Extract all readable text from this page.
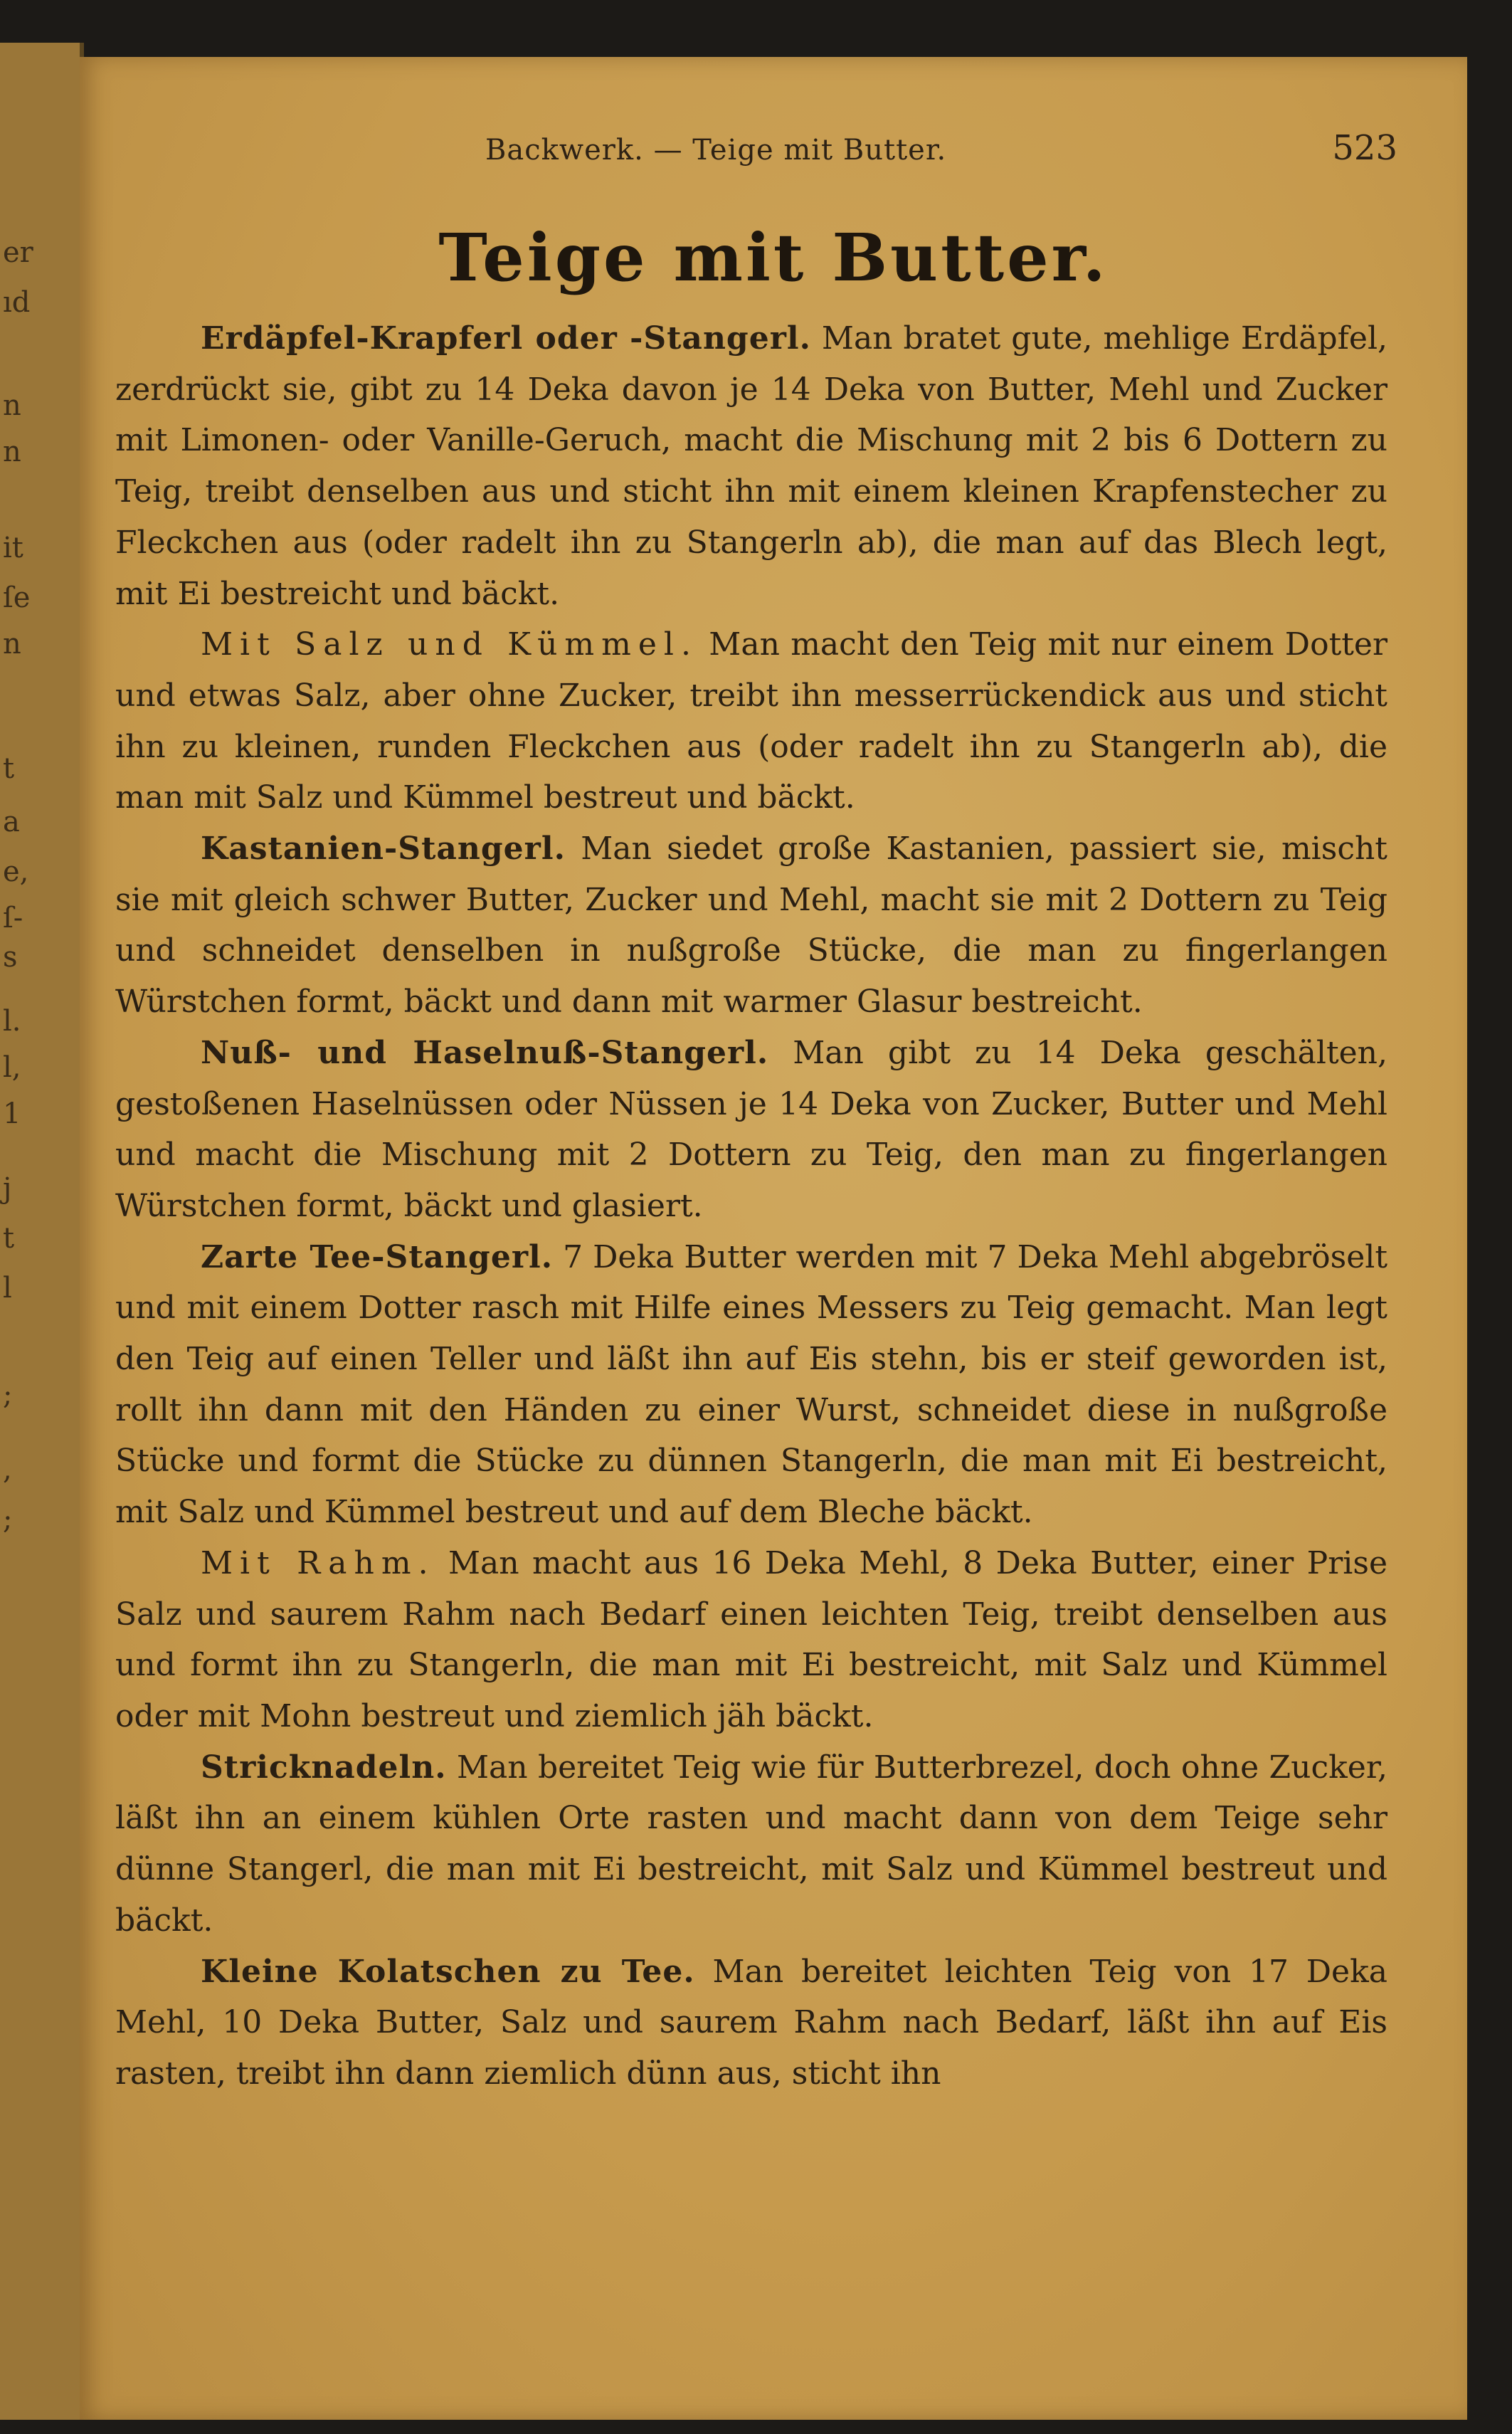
er
ıd
n
n
it
ſe
n
t
a
e,
ſ-
s
l.
l,
1
j
t
l
;
,
;
Backwerk. — Teige mit Butter.	523
Teige mit Butter.

Erdäpfel-Krapferl oder -Stangerl. Man bratet gute, mehlige Erdäpfel, zerdrückt sie, gibt zu 14 Deka davon je 14 Deka von Butter, Mehl und Zucker mit Limonen- oder Vanille-Geruch, macht die Mischung mit 2 bis 6 Dottern zu Teig, treibt denselben aus und sticht ihn mit einem kleinen Krapfenstecher zu Fleckchen aus (oder radelt ihn zu Stangerln ab), die man auf das Blech legt, mit Ei bestreicht und bäckt.

Mit Salz und Kümmel. Man macht den Teig mit nur einem Dotter und etwas Salz, aber ohne Zucker, treibt ihn messerrückendick aus und sticht ihn zu kleinen, runden Fleckchen aus (oder radelt ihn zu Stangerln ab), die man mit Salz und Kümmel bestreut und bäckt.

Kastanien-Stangerl. Man siedet große Kastanien, passiert sie, mischt sie mit gleich schwer Butter, Zucker und Mehl, macht sie mit 2 Dottern zu Teig und schneidet denselben in nußgroße Stücke, die man zu fingerlangen Würstchen formt, bäckt und dann mit warmer Glasur bestreicht.

Nuß- und Haselnuß-Stangerl. Man gibt zu 14 Deka geschälten, gestoßenen Haselnüssen oder Nüssen je 14 Deka von Zucker, Butter und Mehl und macht die Mischung mit 2 Dottern zu Teig, den man zu fingerlangen Würstchen formt, bäckt und glasiert.

Zarte Tee-Stangerl. 7 Deka Butter werden mit 7 Deka Mehl abgebröselt und mit einem Dotter rasch mit Hilfe eines Messers zu Teig gemacht. Man legt den Teig auf einen Teller und läßt ihn auf Eis stehn, bis er steif geworden ist, rollt ihn dann mit den Händen zu einer Wurst, schneidet diese in nußgroße Stücke und formt die Stücke zu dünnen Stangerln, die man mit Ei bestreicht, mit Salz und Kümmel bestreut und auf dem Bleche bäckt.

Mit Rahm. Man macht aus 16 Deka Mehl, 8 Deka Butter, einer Prise Salz und saurem Rahm nach Bedarf einen leichten Teig, treibt denselben aus und formt ihn zu Stangerln, die man mit Ei bestreicht, mit Salz und Kümmel oder mit Mohn bestreut und ziemlich jäh bäckt.

Stricknadeln. Man bereitet Teig wie für Butterbrezel, doch ohne Zucker, läßt ihn an einem kühlen Orte rasten und macht dann von dem Teige sehr dünne Stangerl, die man mit Ei bestreicht, mit Salz und Kümmel bestreut und bäckt.

Kleine Kolatschen zu Tee. Man bereitet leichten Teig von 17 Deka Mehl, 10 Deka Butter, Salz und saurem Rahm nach Bedarf, läßt ihn auf Eis rasten, treibt ihn dann ziemlich dünn aus, sticht ihn
